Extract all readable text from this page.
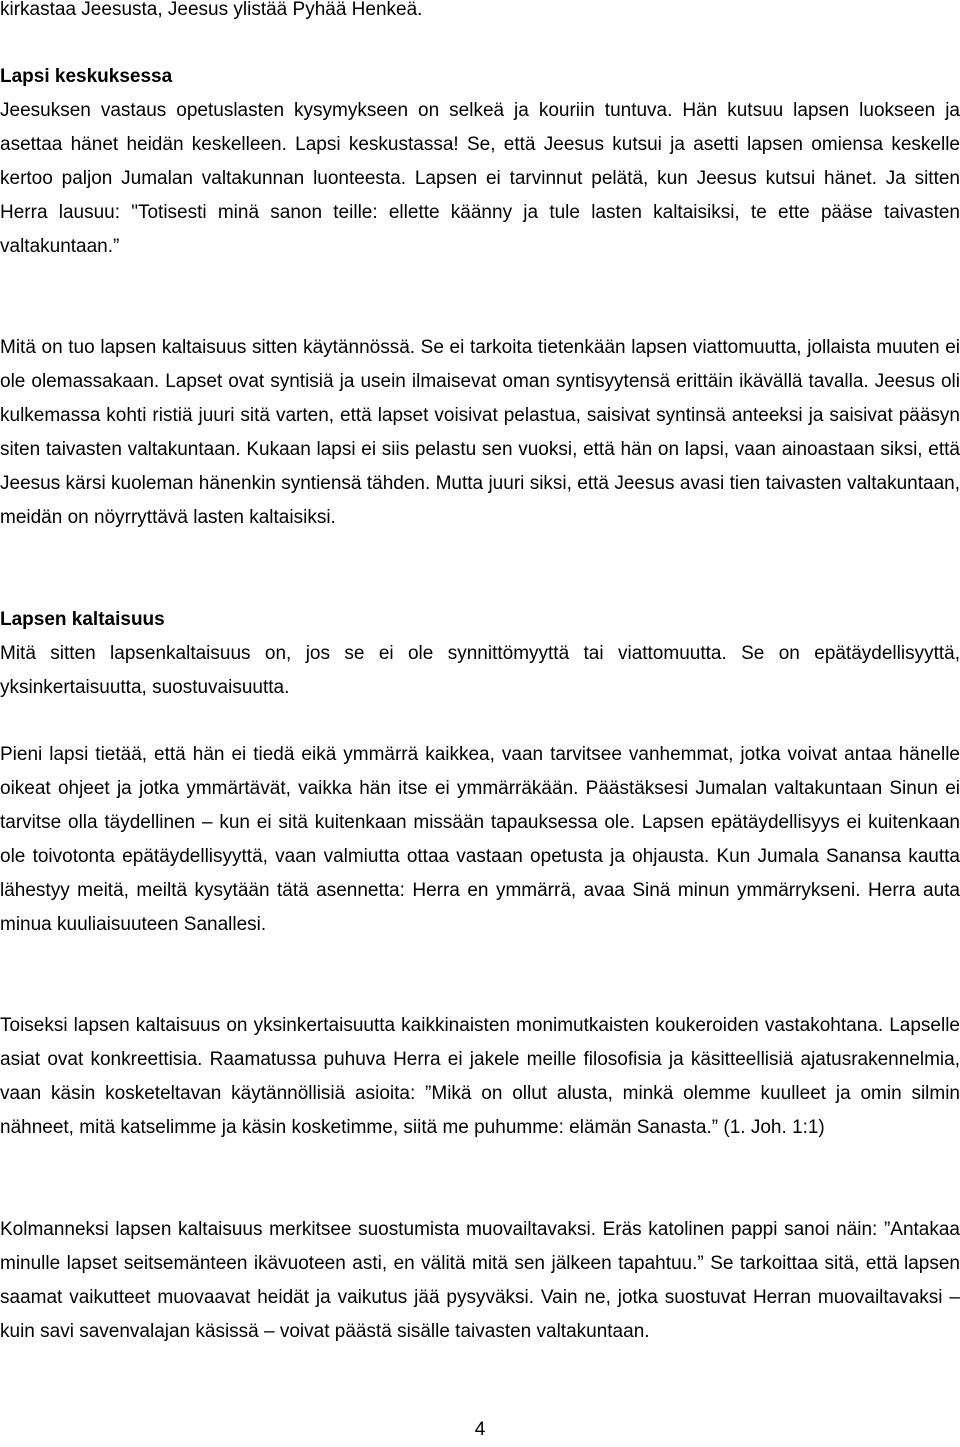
kirkastaa Jeesusta, Jeesus ylistää Pyhää Henkeä.

Lapsi keskuksessa

Jeesuksen vastaus opetuslasten kysymykseen on selkeä ja kouriin tuntuva. Hän kutsuu lapsen luokseen ja asettaa hänet heidän keskelleen. Lapsi keskustassa! Se, että Jeesus kutsui ja asetti lapsen omiensa keskelle kertoo paljon Jumalan valtakunnan luonteesta. Lapsen ei tarvinnut pelätä, kun Jeesus kutsui hänet. Ja sitten Herra lausuu: "Totisesti minä sanon teille: ellette käänny ja tule lasten kaltaisiksi, te ette pääse taivasten valtakuntaan.”

Mitä on tuo lapsen kaltaisuus sitten käytännössä. Se ei tarkoita tietenkään lapsen viattomuutta, jollaista muuten ei ole olemassakaan. Lapset ovat syntisiä ja usein ilmaisevat oman syntisyytensä erittäin ikävällä tavalla. Jeesus oli kulkemassa kohti ristiä juuri sitä varten, että lapset voisivat pelastua, saisivat syntinsä anteeksi ja saisivat pääsyn siten taivasten valtakuntaan. Kukaan lapsi ei siis pelastu sen vuoksi, että hän on lapsi, vaan ainoastaan siksi, että Jeesus kärsi kuoleman hänenkin syntiensä tähden. Mutta juuri siksi, että Jeesus avasi tien taivasten valtakuntaan, meidän on nöyrryttävä lasten kaltaisiksi.

Lapsen kaltaisuus

Mitä sitten lapsenkaltaisuus on, jos se ei ole synnittömyyttä tai viattomuutta. Se on epätäydellisyyttä, yksinkertaisuutta, suostuvaisuutta.

Pieni lapsi tietää, että hän ei tiedä eikä ymmärrä kaikkea, vaan tarvitsee vanhemmat, jotka voivat antaa hänelle oikeat ohjeet ja jotka ymmärtävät, vaikka hän itse ei ymmärräkään. Päästäksesi Jumalan valtakuntaan Sinun ei tarvitse olla täydellinen – kun ei sitä kuitenkaan missään tapauksessa ole. Lapsen epätäydellisyys ei kuitenkaan ole toivotonta epätäydellisyyttä, vaan valmiutta ottaa vastaan opetusta ja ohjausta. Kun Jumala Sanansa kautta lähestyy meitä, meiltä kysytään tätä asennetta: Herra en ymmärrä, avaa Sinä minun ymmärrykseni. Herra auta minua kuuliaisuuteen Sanallesi.

Toiseksi lapsen kaltaisuus on yksinkertaisuutta kaikkinaisten monimutkaisten koukeroiden vastakohtana. Lapselle asiat ovat konkreettisia. Raamatussa puhuva Herra ei jakele meille filosofisia ja käsitteellisiä ajatusrakennelmia, vaan käsin kosketeltavan käytännöllisiä asioita: ”Mikä on ollut alusta, minkä olemme kuulleet ja omin silmin nähneet, mitä katselimme ja käsin kosketimme, siitä me puhumme: elämän Sanasta.” (1. Joh. 1:1)

Kolmanneksi lapsen kaltaisuus merkitsee suostumista muovailtavaksi. Eräs katolinen pappi sanoi näin: ”Antakaa minulle lapset seitsemänteen ikävuoteen asti, en välitä mitä sen jälkeen tapahtuu.” Se tarkoittaa sitä, että lapsen saamat vaikutteet muovaavat heidät ja vaikutus jää pysyväksi. Vain ne, jotka suostuvat Herran muovailtavaksi – kuin savi savenvalajan käsissä – voivat päästä sisälle taivasten valtakuntaan.

4
